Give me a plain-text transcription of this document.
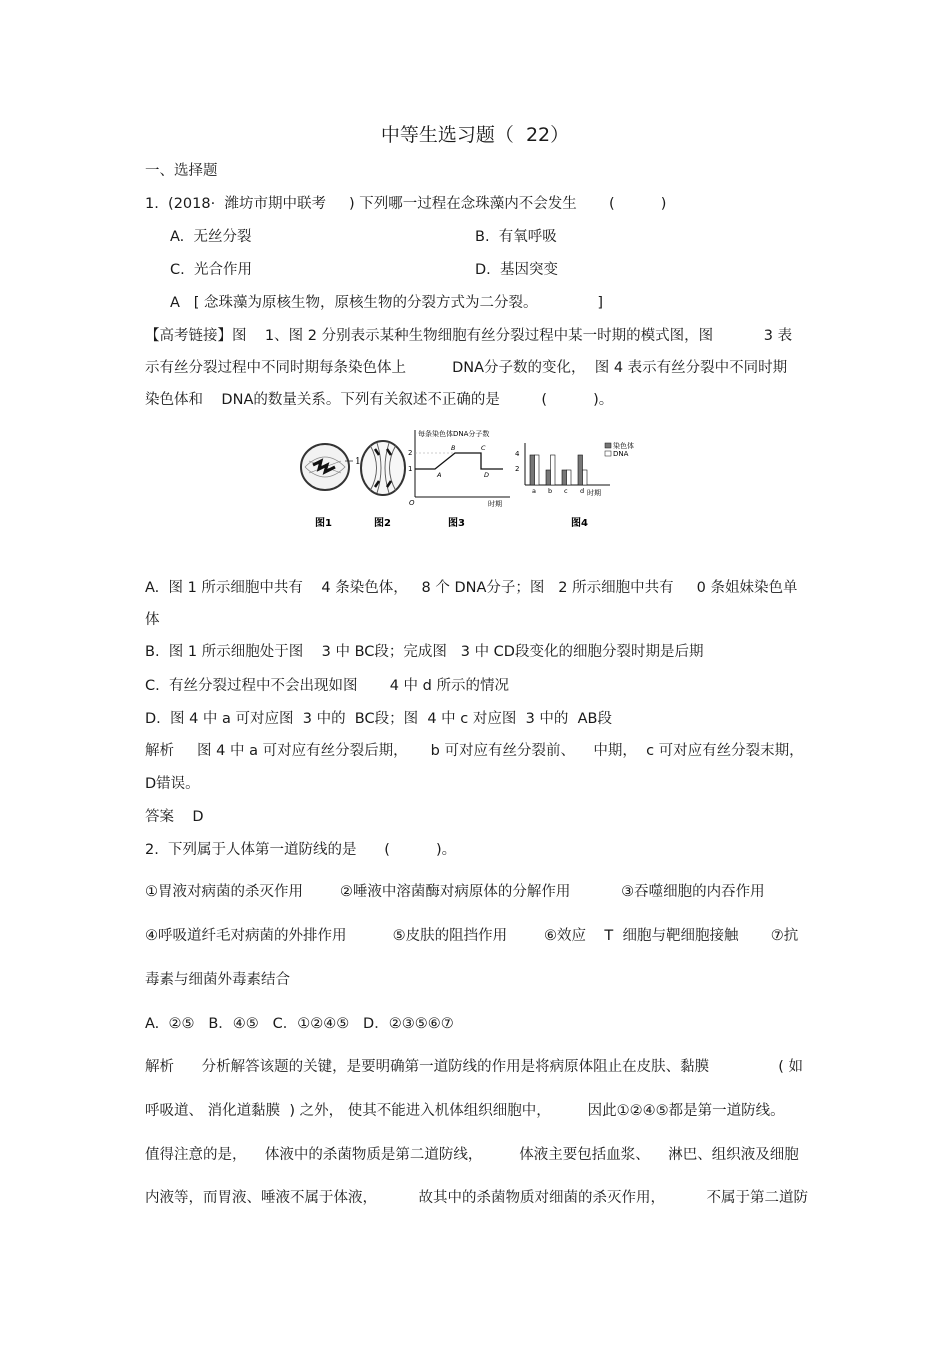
中等生选习题（  22）
一、选择题
1.  (2018·  潍坊市期中联考     ) 下列哪一过程在念珠藻内不会发生       (          )
A.  无丝分裂	B.  有氧呼吸
C.  光合作用	D.  基因突变
A   [ 念珠藻为原核生物，原核生物的分裂方式为二分裂。             ]
【高考链接】图    1、图 2 分别表示某种生物细胞有丝分裂过程中某一时期的模式图，图           3 表
示有丝分裂过程中不同时期每条染色体上          DNA分子数的变化，  图 4 表示有丝分裂中不同时期
染色体和    DNA的数量关系。下列有关叙述不正确的是         (          )。
1
每条染色体DNA分子数
2
1
O	时期
A
B	C
D
4
2
时期
染色体
DNA
a b c d
图1	图2	图3	图4
A.  图 1 所示细胞中共有    4 条染色体，   8 个 DNA分子；图   2 所示细胞中共有     0 条姐妹染色单
体
B.  图 1 所示细胞处于图    3 中 BC段；完成图   3 中 CD段变化的细胞分裂时期是后期
C.  有丝分裂过程中不会出现如图       4 中 d 所示的情况
D.  图 4 中 a 可对应图  3 中的  BC段；图  4 中 c 对应图  3 中的  AB段
解析     图 4 中 a 可对应有丝分裂后期，     b 可对应有丝分裂前、    中期，  c 可对应有丝分裂末期，
D错误。
答案    D
2.  下列属于人体第一道防线的是      (          )。
①胃液对病菌的杀灭作用        ②唾液中溶菌酶对病原体的分解作用           ③吞噬细胞的内吞作用
④呼吸道纤毛对病菌的外排作用          ⑤皮肤的阻挡作用        ⑥效应    T  细胞与靶细胞接触       ⑦抗
毒素与细菌外毒素结合
A.  ②⑤   B．④⑤   C．①②④⑤   D．②③⑤⑥⑦
解析      分析解答该题的关键，是要明确第一道防线的作用是将病原体阻止在皮肤、黏膜               ( 如
呼吸道、 消化道黏膜  ) 之外， 使其不能进入机体组织细胞中，        因此①②④⑤都是第一道防线。
值得注意的是，    体液中的杀菌物质是第二道防线，        体液主要包括血浆、    淋巴、组织液及细胞
内液等，而胃液、唾液不属于体液，         故其中的杀菌物质对细菌的杀灭作用，         不属于第二道防
